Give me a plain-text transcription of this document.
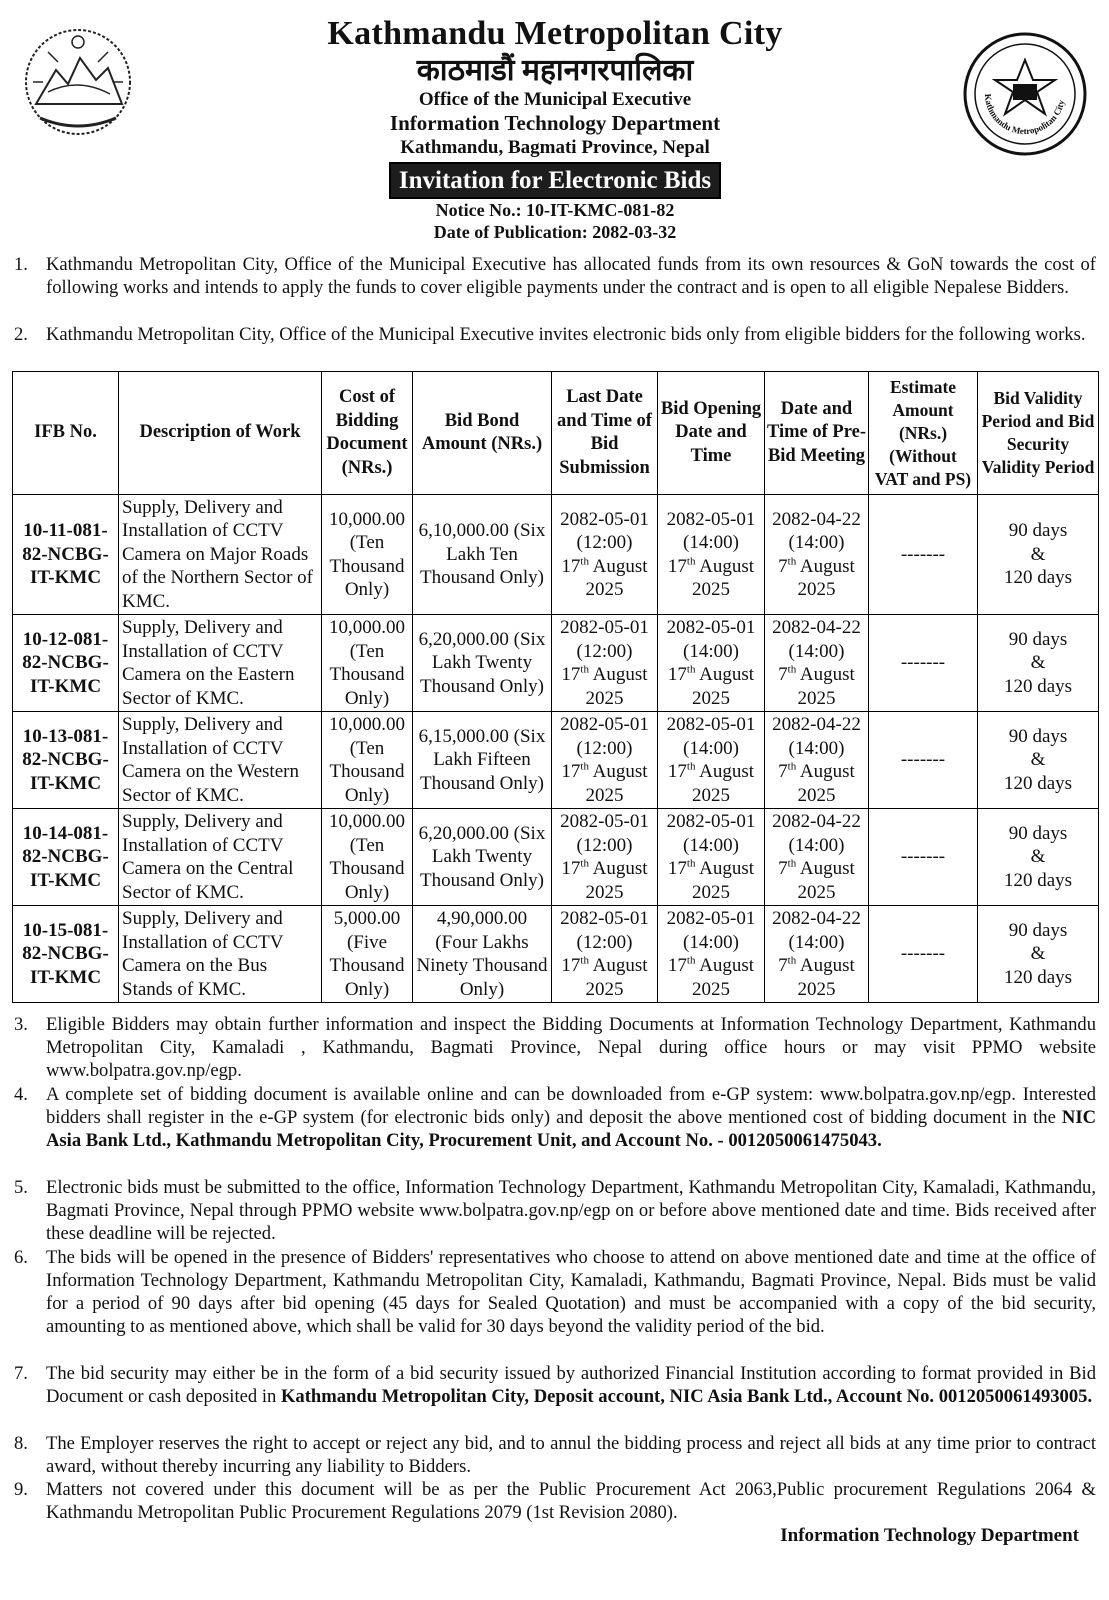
Kathmandu Metropolitan City
काठमाडौं महानगरपालिका
Office of the Municipal Executive
Information Technology Department
Kathmandu, Bagmati Province, Nepal
Invitation for Electronic Bids
Notice No.: 10-IT-KMC-081-82
Date of Publication: 2082-03-32
Kathmandu Metropolitan City
1. Kathmandu Metropolitan City, Office of the Municipal Executive has allocated funds from its own resources & GoN towards the cost of following works and intends to apply the funds to cover eligible payments under the contract and is open to all eligible Nepalese Bidders.
2. Kathmandu Metropolitan City, Office of the Municipal Executive invites electronic bids only from eligible bidders for the following works.
IFB No.	Description of Work	Cost of Bidding Document (NRs.)	Bid Bond Amount (NRs.)	Last Date and Time of Bid Submission	Bid Opening Date and Time	Date and Time of Pre-Bid Meeting	Estimate Amount (NRs.) (Without VAT and PS)	Bid Validity Period and Bid Security Validity Period
10-11-081-82-NCBG-IT-KMC	Supply, Delivery and Installation of CCTV Camera on Major Roads of the Northern Sector of KMC.	10,000.00 (Ten Thousand Only)	6,10,000.00 (Six Lakh Ten Thousand Only)	2082-05-01
(12:00)
17th August
2025	2082-05-01
(14:00)
17th August
2025	2082-04-22
(14:00)
7th August
2025	-------	90 days
&
120 days
10-12-081-82-NCBG-IT-KMC	Supply, Delivery and Installation of CCTV Camera on the Eastern Sector of KMC.	10,000.00 (Ten Thousand Only)	6,20,000.00 (Six Lakh Twenty Thousand Only)	2082-05-01
(12:00)
17th August
2025	2082-05-01
(14:00)
17th August
2025	2082-04-22
(14:00)
7th August
2025	-------	90 days
&
120 days
10-13-081-82-NCBG-IT-KMC	Supply, Delivery and Installation of CCTV Camera on the Western Sector of KMC.	10,000.00 (Ten Thousand Only)	6,15,000.00 (Six Lakh Fifteen Thousand Only)	2082-05-01
(12:00)
17th August
2025	2082-05-01
(14:00)
17th August
2025	2082-04-22
(14:00)
7th August
2025	-------	90 days
&
120 days
10-14-081-82-NCBG-IT-KMC	Supply, Delivery and Installation of CCTV Camera on the Central Sector of KMC.	10,000.00 (Ten Thousand Only)	6,20,000.00 (Six Lakh Twenty Thousand Only)	2082-05-01
(12:00)
17th August
2025	2082-05-01
(14:00)
17th August
2025	2082-04-22
(14:00)
7th August
2025	-------	90 days
&
120 days
10-15-081-82-NCBG-IT-KMC	Supply, Delivery and Installation of CCTV Camera on the Bus Stands of KMC.	5,000.00 (Five Thousand Only)	4,90,000.00 (Four Lakhs Ninety Thousand Only)	2082-05-01
(12:00)
17th August
2025	2082-05-01
(14:00)
17th August
2025	2082-04-22
(14:00)
7th August
2025	-------	90 days
&
120 days
3. Eligible Bidders may obtain further information and inspect the Bidding Documents at Information Technology Department, Kathmandu Metropolitan City, Kamaladi , Kathmandu, Bagmati Province, Nepal during office hours or may visit PPMO website www.bolpatra.gov.np/egp.
4. A complete set of bidding document is available online and can be downloaded from e-GP system: www.bolpatra.gov.np/egp. Interested bidders shall register in the e-GP system (for electronic bids only) and deposit the above mentioned cost of bidding document in the NIC Asia Bank Ltd., Kathmandu Metropolitan City, Procurement Unit, and Account No. - 0012050061475043.
5. Electronic bids must be submitted to the office, Information Technology Department, Kathmandu Metropolitan City, Kamaladi, Kathmandu, Bagmati Province, Nepal through PPMO website www.bolpatra.gov.np/egp on or before above mentioned date and time. Bids received after these deadline will be rejected.
6. The bids will be opened in the presence of Bidders' representatives who choose to attend on above mentioned date and time at the office of Information Technology Department, Kathmandu Metropolitan City, Kamaladi, Kathmandu, Bagmati Province, Nepal. Bids must be valid for a period of 90 days after bid opening (45 days for Sealed Quotation) and must be accompanied with a copy of the bid security, amounting to as mentioned above, which shall be valid for 30 days beyond the validity period of the bid.
7. The bid security may either be in the form of a bid security issued by authorized Financial Institution according to format provided in Bid Document or cash deposited in Kathmandu Metropolitan City, Deposit account, NIC Asia Bank Ltd., Account No. 0012050061493005.
8. The Employer reserves the right to accept or reject any bid, and to annul the bidding process and reject all bids at any time prior to contract award, without thereby incurring any liability to Bidders.
9. Matters not covered under this document will be as per the Public Procurement Act 2063,Public procurement Regulations 2064 & Kathmandu Metropolitan Public Procurement Regulations 2079 (1st Revision 2080).
Information Technology Department
